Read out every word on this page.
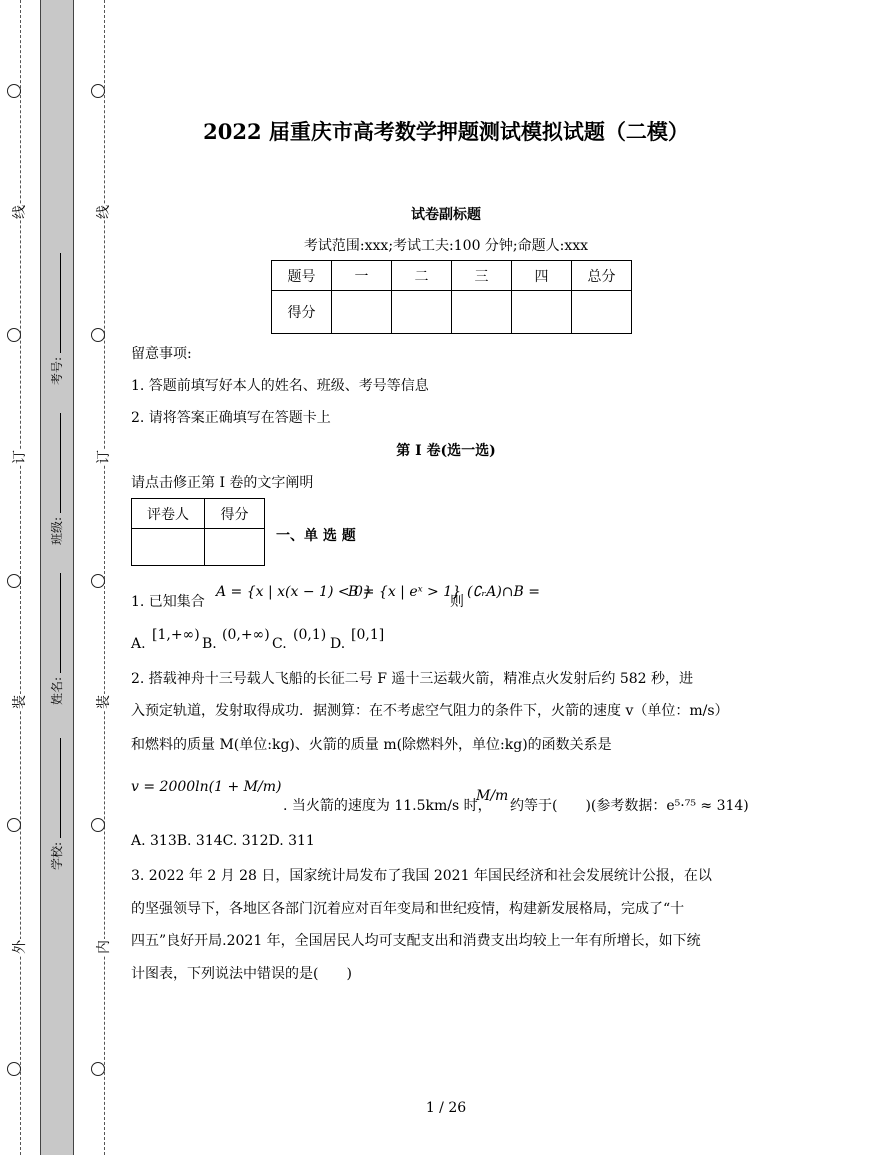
线
订
装
外
线
订
装
内
考号:
班级:
姓名:
学校:
2022 届重庆市高考数学押题测试模拟试题（二模）
试卷副标题
考试范围:xxx;考试工夫:100 分钟;命题人:xxx
题号	一	二	三	四	总分
得分					
留意事项:
1. 答题前填写好本人的姓名、班级、考号等信息
2. 请将答案正确填写在答题卡上
第 I 卷(选一选)
请点击修正第 I 卷的文字阐明
评卷人	得分

一、单 选 题
1. 已知集合
A = {x | x(x − 1) < 0}
B = {x | eˣ > 1}
则
(∁ᵣA)∩B =
A.
[1,+∞)
B.
(0,+∞)
C.
(0,1)
D.
[0,1]
2. 搭载神舟十三号载人飞船的长征二号 F 遥十三运载火箭，精准点火发射后约 582 秒，进
入预定轨道，发射取得成功．据测算：在不考虑空气阻力的条件下，火箭的速度 v（单位：m/s）
和燃料的质量 M(单位:kg)、火箭的质量 m(除燃料外，单位:kg)的函数关系是
v = 2000ln(1 + M/m)
. 当火箭的速度为 11.5km/s 时，
M/m
约等于(　　)(参考数据：e⁵·⁷⁵ ≈ 314)
A. 313B. 314C. 312D. 311
3. 2022 年 2 月 28 日，国家统计局发布了我国 2021 年国民经济和社会发展统计公报，在以
的坚强领导下，各地区各部门沉着应对百年变局和世纪疫情，构建新发展格局，完成了“十
四五”良好开局.2021 年，全国居民人均可支配支出和消费支出均较上一年有所增长，如下统
计图表，下列说法中错误的是(　　)
1 / 26
